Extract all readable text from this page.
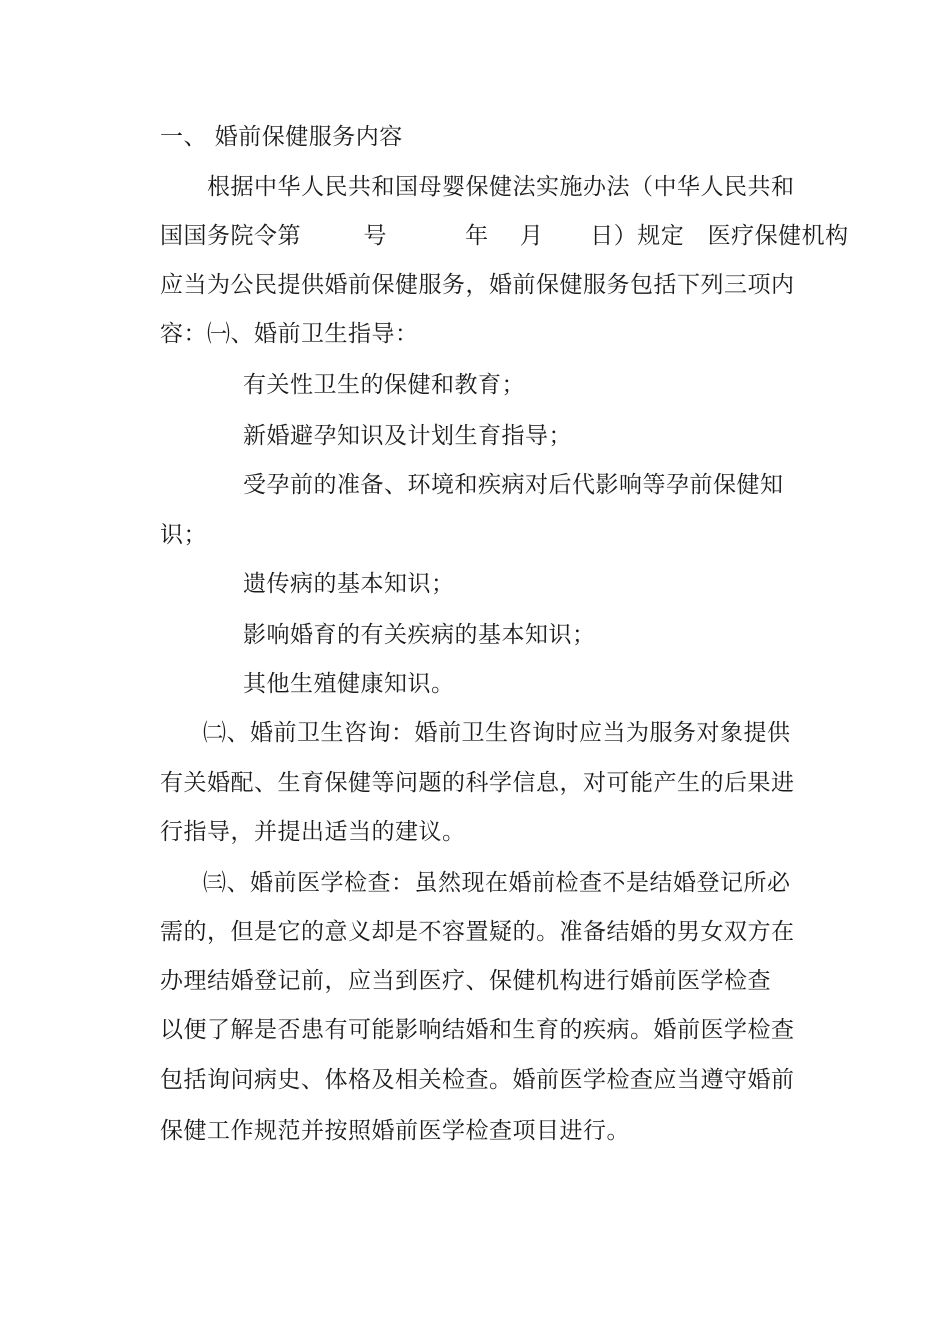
一、 婚前保健服务内容
根据中华人民共和国母婴保健法实施办法（中华人民共和
国国务院令第        号          年    月      日）规定   医疗保健机构
应当为公民提供婚前保健服务，婚前保健服务包括下列三项内
容：㈠、婚前卫生指导：
有关性卫生的保健和教育；
新婚避孕知识及计划生育指导；
受孕前的准备、环境和疾病对后代影响等孕前保健知
识；
遗传病的基本知识；
影响婚育的有关疾病的基本知识；
其他生殖健康知识。
㈡、婚前卫生咨询：婚前卫生咨询时应当为服务对象提供
有关婚配、生育保健等问题的科学信息，对可能产生的后果进
行指导，并提出适当的建议。
㈢、婚前医学检查：虽然现在婚前检查不是结婚登记所必
需的，但是它的意义却是不容置疑的。准备结婚的男女双方在
办理结婚登记前，应当到医疗、保健机构进行婚前医学检查
以便了解是否患有可能影响结婚和生育的疾病。婚前医学检查
包括询问病史、体格及相关检查。婚前医学检查应当遵守婚前
保健工作规范并按照婚前医学检查项目进行。
